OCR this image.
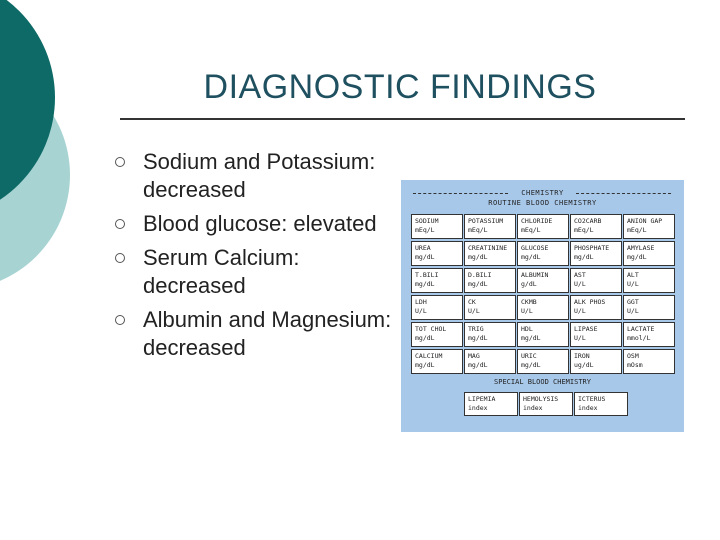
DIAGNOSTIC FINDINGS
Sodium and Potassium: decreased
Blood glucose: elevated
Serum Calcium: decreased
Albumin and Magnesium: decreased
CHEMISTRY
ROUTINE BLOOD CHEMISTRY
SODIUM
mEq/L
POTASSIUM
mEq/L
CHLORIDE
mEq/L
CO2CARB
mEq/L
ANION GAP
mEq/L
UREA
mg/dL
CREATININE
mg/dL
GLUCOSE
mg/dL
PHOSPHATE
mg/dL
AMYLASE
mg/dL
T.BILI
mg/dL
D.BILI
mg/dL
ALBUMIN
g/dL
AST
U/L
ALT
U/L
LDH
U/L
CK
U/L
CKMB
U/L
ALK PHOS
U/L
GGT
U/L
TOT CHOL
mg/dL
TRIG
mg/dL
HDL
mg/dL
LIPASE
U/L
LACTATE
mmol/L
CALCIUM
mg/dL
MAG
mg/dL
URIC
mg/dL
IRON
ug/dL
OSM
mOsm
SPECIAL BLOOD CHEMISTRY
LIPEMIA
index
HEMOLYSIS
index
ICTERUS
index
